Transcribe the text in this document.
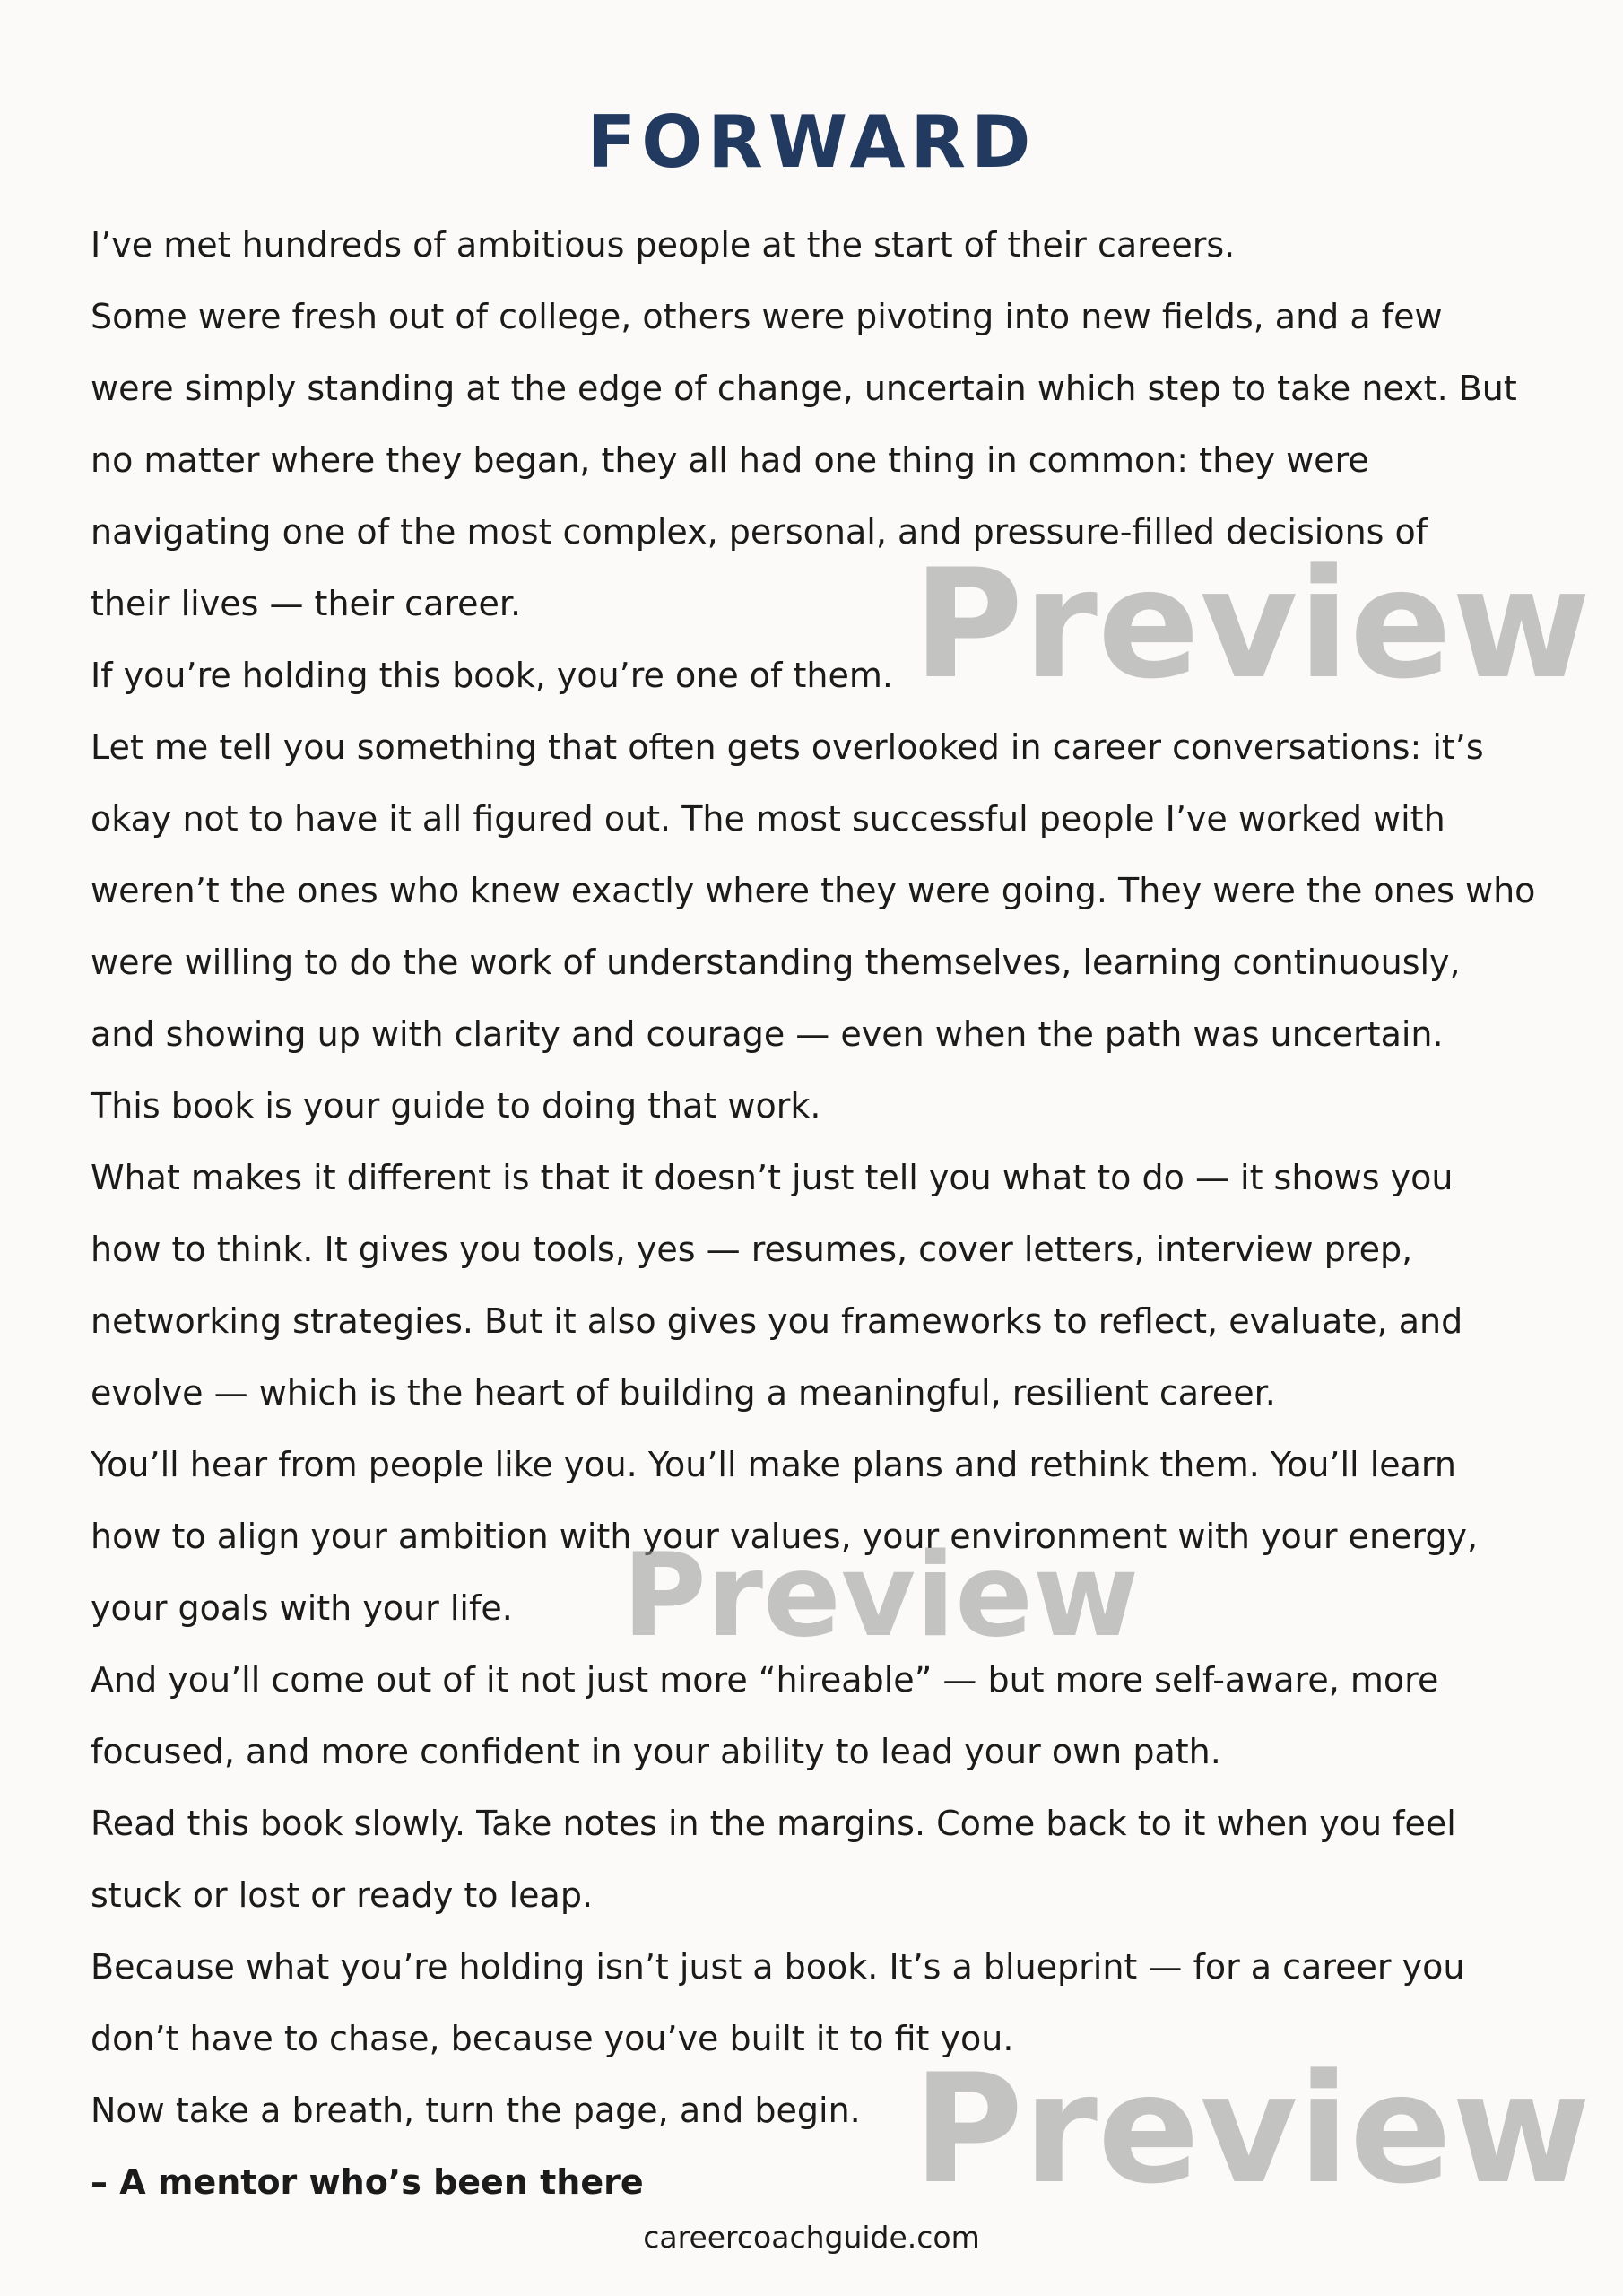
FORWARD
I’ve met hundreds of ambitious people at the start of their careers.
Some were fresh out of college, others were pivoting into new fields, and a few
were simply standing at the edge of change, uncertain which step to take next. But
no matter where they began, they all had one thing in common: they were
navigating one of the most complex, personal, and pressure-filled decisions of
their lives — their career.
If you’re holding this book, you’re one of them.
Let me tell you something that often gets overlooked in career conversations: it’s
okay not to have it all figured out. The most successful people I’ve worked with
weren’t the ones who knew exactly where they were going. They were the ones who
were willing to do the work of understanding themselves, learning continuously,
and showing up with clarity and courage — even when the path was uncertain.
This book is your guide to doing that work.
What makes it different is that it doesn’t just tell you what to do — it shows you
how to think. It gives you tools, yes — resumes, cover letters, interview prep,
networking strategies. But it also gives you frameworks to reflect, evaluate, and
evolve — which is the heart of building a meaningful, resilient career.
You’ll hear from people like you. You’ll make plans and rethink them. You’ll learn
how to align your ambition with your values, your environment with your energy,
your goals with your life.
And you’ll come out of it not just more “hireable” — but more self-aware, more
focused, and more confident in your ability to lead your own path.
Read this book slowly. Take notes in the margins. Come back to it when you feel
stuck or lost or ready to leap.
Because what you’re holding isn’t just a book. It’s a blueprint — for a career you
don’t have to chase, because you’ve built it to fit you.
Now take a breath, turn the page, and begin.
– A mentor who’s been there
careercoachguide.com
Preview
Preview
Preview
